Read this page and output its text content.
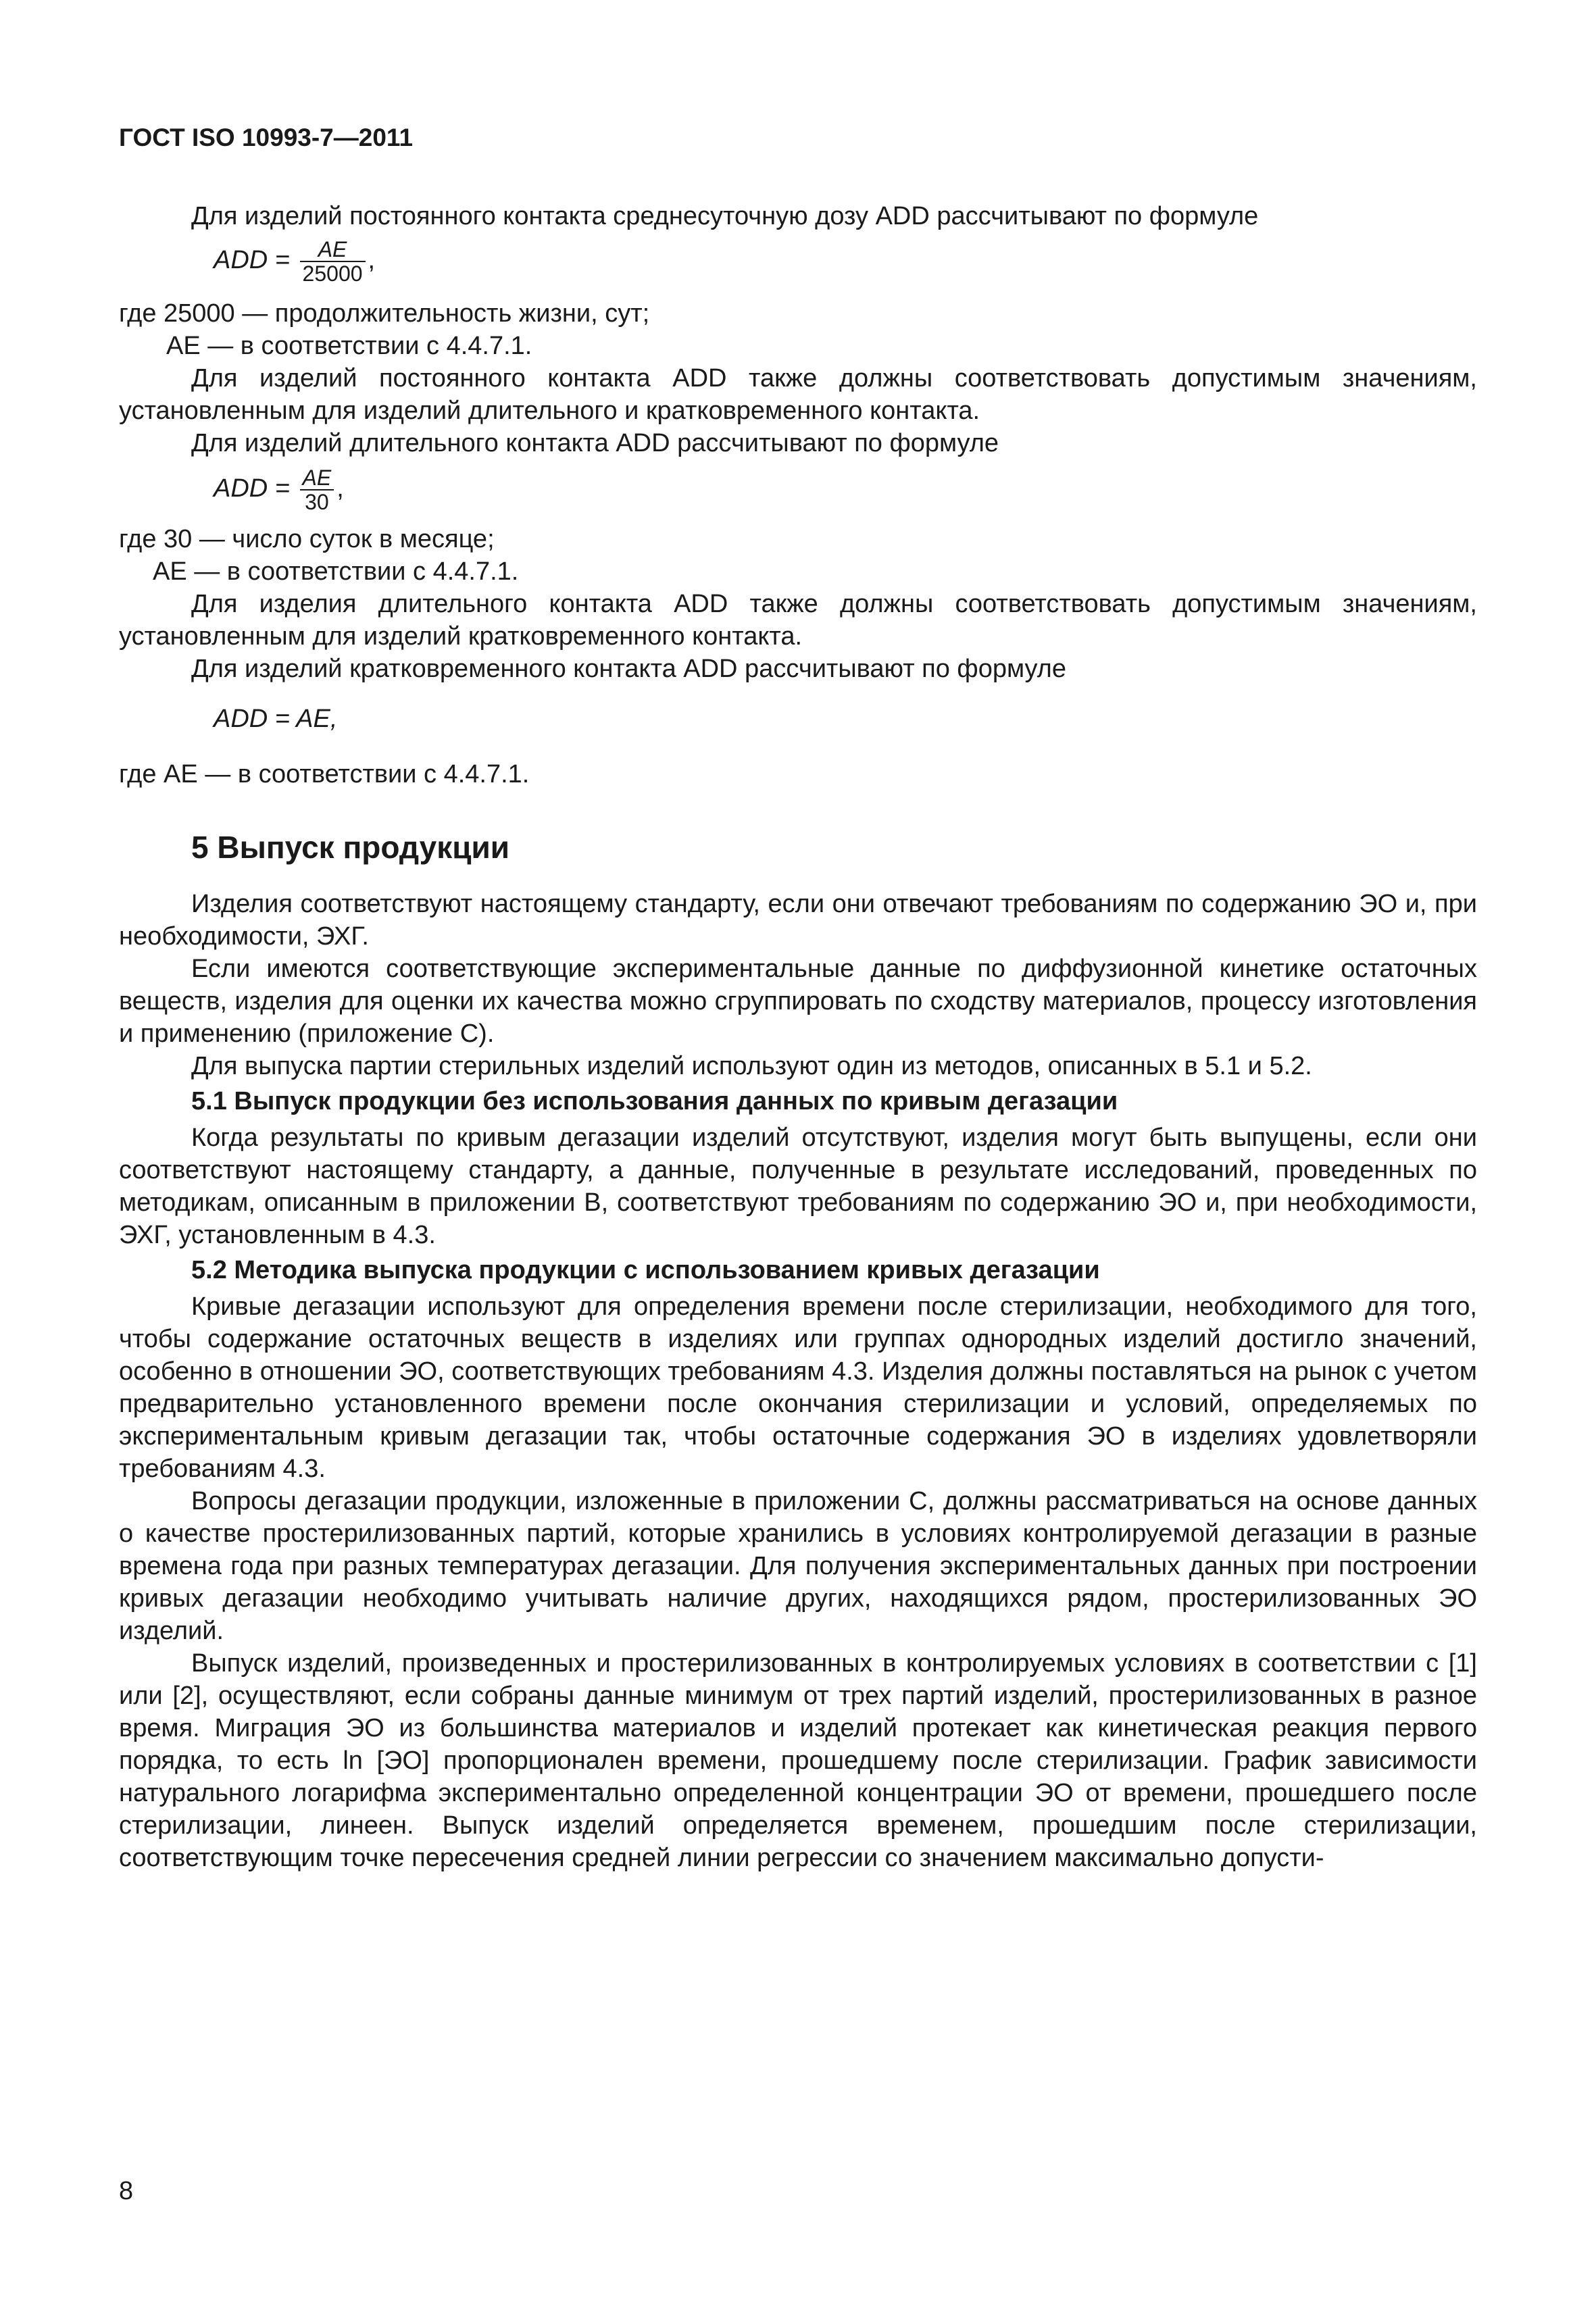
ГОСТ ISO 10993-7—2011

Для изделий постоянного контакта среднесуточную дозу ADD рассчитывают по формуле

ADD = $\frac{AE}{25000}$ ,

где 25000 — продолжительность жизни, сут;

AE — в соответствии с 4.4.7.1.

Для изделий постоянного контакта ADD также должны соответствовать допустимым значениям, установленным для изделий длительного и кратковременного контакта.

Для изделий длительного контакта ADD рассчитывают по формуле

ADD = $\frac{AE}{30}$ ,

где 30 — число суток в месяце;

AE — в соответствии с 4.4.7.1.

Для изделия длительного контакта ADD также должны соответствовать допустимым значениям, установленным для изделий кратковременного контакта.

Для изделий кратковременного контакта ADD рассчитывают по формуле

ADD = AE,

где AE — в соответствии с 4.4.7.1.

5 Выпуск продукции

Изделия соответствуют настоящему стандарту, если они отвечают требованиям по содержанию ЭО и, при необходимости, ЭХГ.

Если имеются соответствующие экспериментальные данные по диффузионной кинетике остаточных веществ, изделия для оценки их качества можно сгруппировать по сходству материалов, процессу изготовления и применению (приложение С).

Для выпуска партии стерильных изделий используют один из методов, описанных в 5.1 и 5.2.

5.1 Выпуск продукции без использования данных по кривым дегазации

Когда результаты по кривым дегазации изделий отсутствуют, изделия могут быть выпущены, если они соответствуют настоящему стандарту, а данные, полученные в результате исследований, проведенных по методикам, описанным в приложении В, соответствуют требованиям по содержанию ЭО и, при необходимости, ЭХГ, установленным в 4.3.

5.2 Методика выпуска продукции с использованием кривых дегазации

Кривые дегазации используют для определения времени после стерилизации, необходимого для того, чтобы содержание остаточных веществ в изделиях или группах однородных изделий достигло значений, особенно в отношении ЭО, соответствующих требованиям 4.3. Изделия должны поставляться на рынок с учетом предварительно установленного времени после окончания стерилизации и условий, определяемых по экспериментальным кривым дегазации так, чтобы остаточные содержания ЭО в изделиях удовлетворяли требованиям 4.3.

Вопросы дегазации продукции, изложенные в приложении С, должны рассматриваться на основе данных о качестве простерилизованных партий, которые хранились в условиях контролируемой дегазации в разные времена года при разных температурах дегазации. Для получения экспериментальных данных при построении кривых дегазации необходимо учитывать наличие других, находящихся рядом, простерилизованных ЭО изделий.

Выпуск изделий, произведенных и простерилизованных в контролируемых условиях в соответствии с [1] или [2], осуществляют, если собраны данные минимум от трех партий изделий, простерилизованных в разное время. Миграция ЭО из большинства материалов и изделий протекает как кинетическая реакция первого порядка, то есть ln [ЭО] пропорционален времени, прошедшему после стерилизации. График зависимости натурального логарифма экспериментально определенной концентрации ЭО от времени, прошедшего после стерилизации, линеен. Выпуск изделий определяется временем, прошедшим после стерилизации, соответствующим точке пересечения средней линии регрессии со значением максимально допусти-

8
